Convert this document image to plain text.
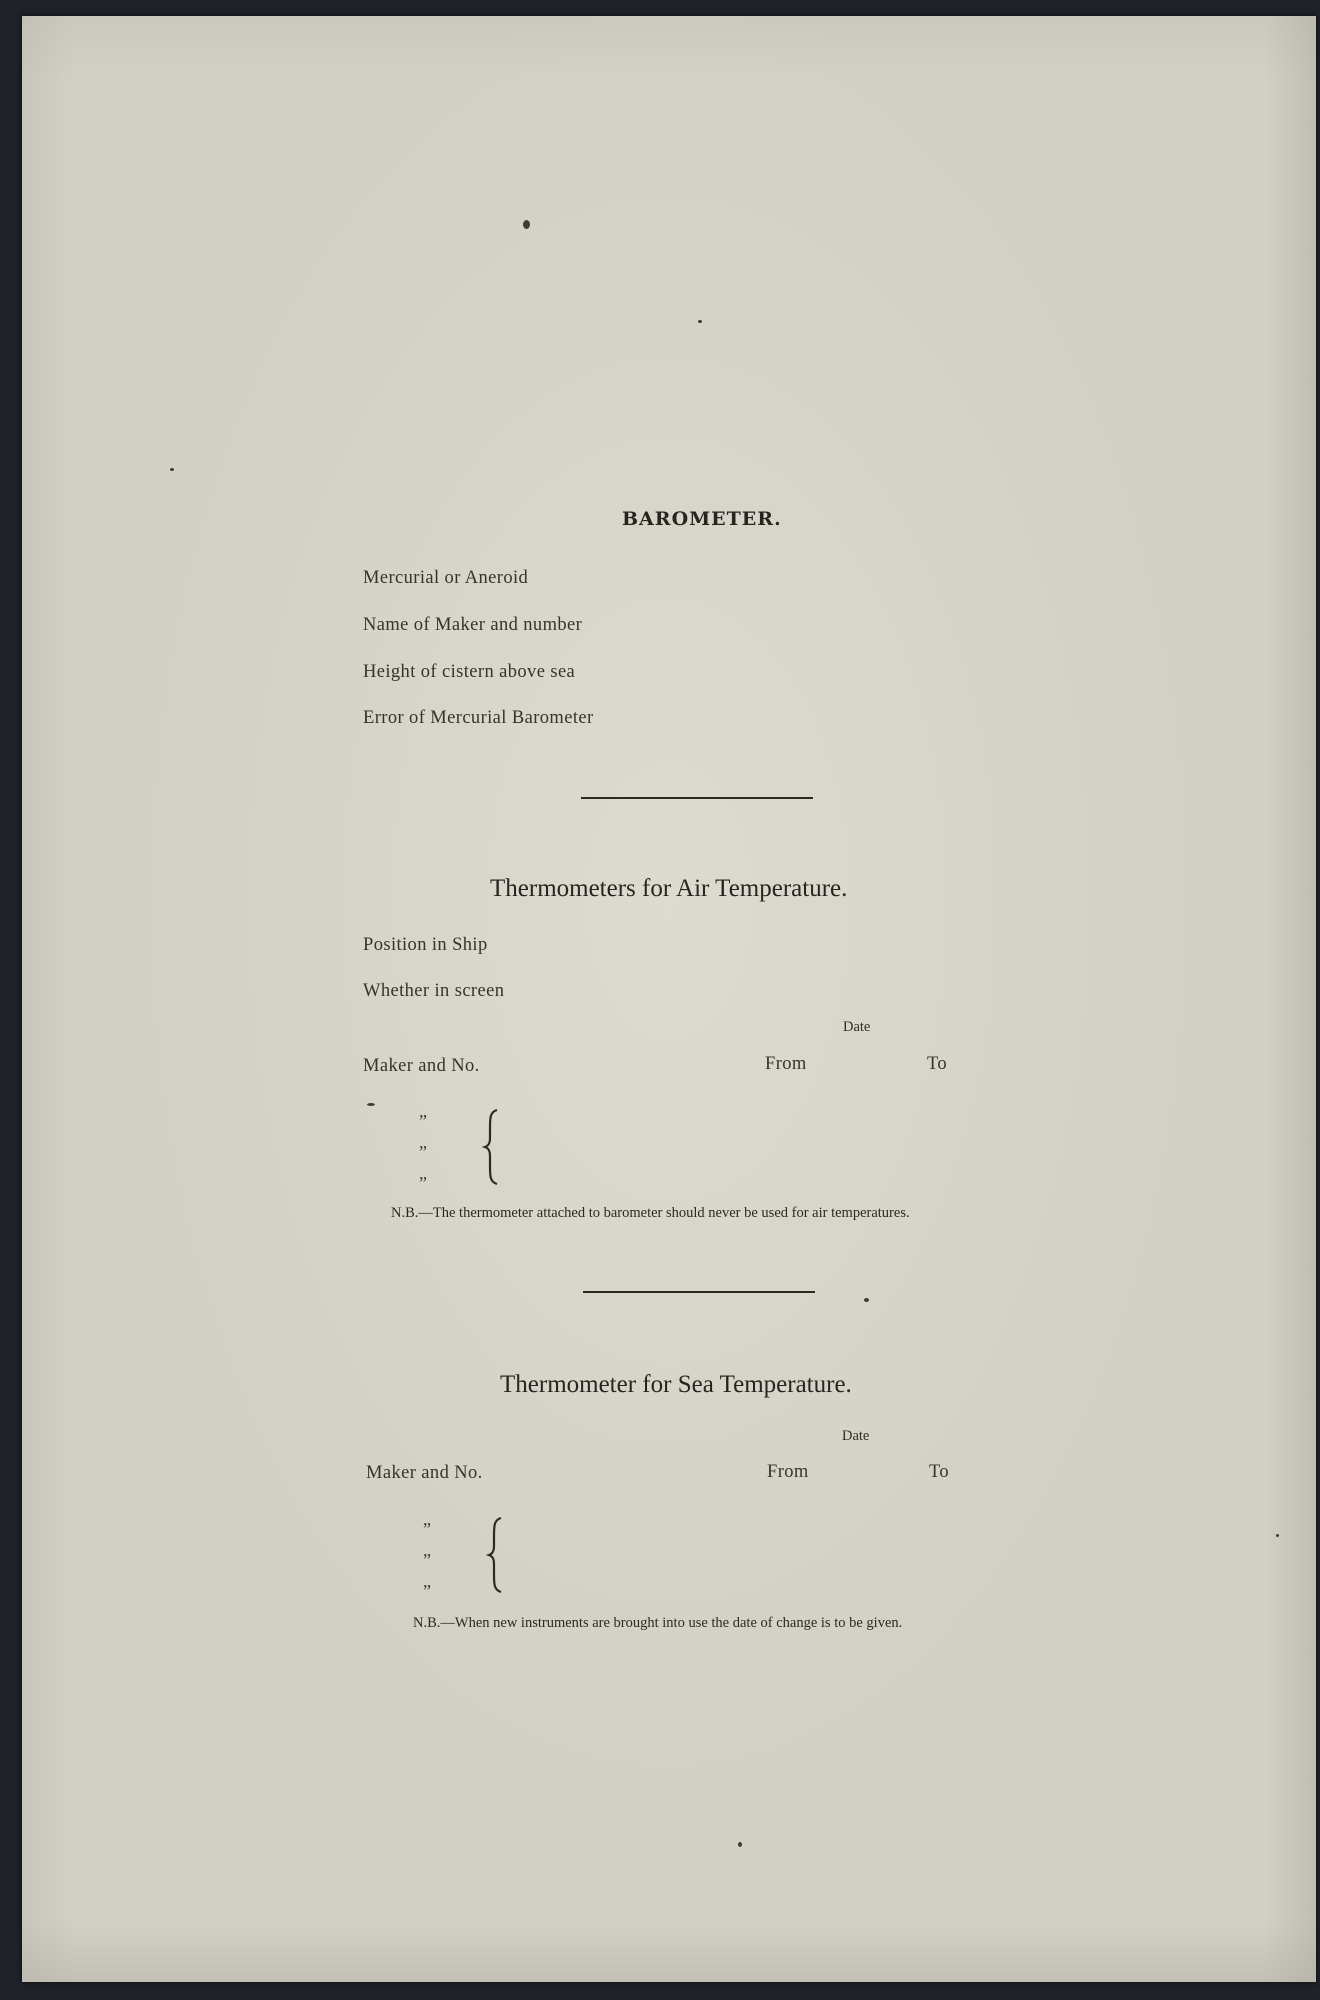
BAROMETER.
Mercurial or Aneroid
Name of Maker and number
Height of cistern above sea
Error of Mercurial Barometer
Thermometers for Air Temperature.
Position in Ship
Whether in screen
Date
Maker and No.	From	To
”
”
”
N.B.—The thermometer attached to barometer should never be used for air temperatures.
Thermometer for Sea Temperature.
Date
Maker and No.	From	To
”
”
”
N.B.—When new instruments are brought into use the date of change is to be given.
